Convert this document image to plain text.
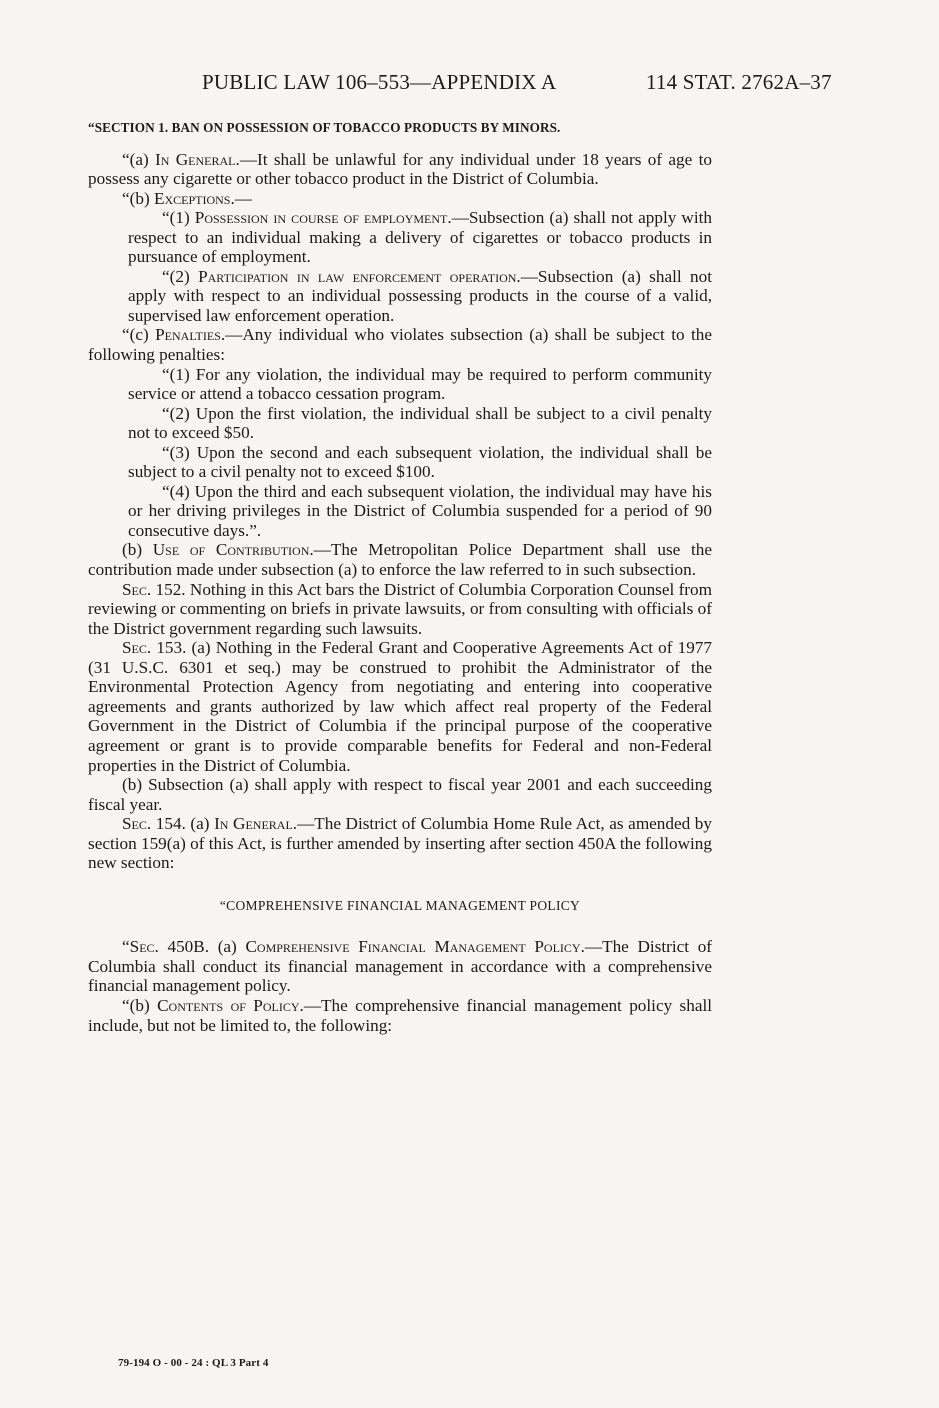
PUBLIC LAW 106–553—APPENDIX A	114 STAT. 2762A–37

“SECTION 1. BAN ON POSSESSION OF TOBACCO PRODUCTS BY MINORS.

“(a) In General.—It shall be unlawful for any individual under 18 years of age to possess any cigarette or other tobacco product in the District of Columbia.

“(b) Exceptions.—

“(1) Possession in course of employment.—Subsection (a) shall not apply with respect to an individual making a delivery of cigarettes or tobacco products in pursuance of employment.

“(2) Participation in law enforcement operation.—Subsection (a) shall not apply with respect to an individual possessing products in the course of a valid, supervised law enforcement operation.

“(c) Penalties.—Any individual who violates subsection (a) shall be subject to the following penalties:

“(1) For any violation, the individual may be required to perform community service or attend a tobacco cessation program.

“(2) Upon the first violation, the individual shall be subject to a civil penalty not to exceed $50.

“(3) Upon the second and each subsequent violation, the individual shall be subject to a civil penalty not to exceed $100.

“(4) Upon the third and each subsequent violation, the individual may have his or her driving privileges in the District of Columbia suspended for a period of 90 consecutive days.”.

(b) Use of Contribution.—The Metropolitan Police Department shall use the contribution made under subsection (a) to enforce the law referred to in such subsection.

Sec. 152. Nothing in this Act bars the District of Columbia Corporation Counsel from reviewing or commenting on briefs in private lawsuits, or from consulting with officials of the District government regarding such lawsuits.

Sec. 153. (a) Nothing in the Federal Grant and Cooperative Agreements Act of 1977 (31 U.S.C. 6301 et seq.) may be construed to prohibit the Administrator of the Environmental Protection Agency from negotiating and entering into cooperative agreements and grants authorized by law which affect real property of the Federal Government in the District of Columbia if the principal purpose of the cooperative agreement or grant is to provide comparable benefits for Federal and non-Federal properties in the District of Columbia.

(b) Subsection (a) shall apply with respect to fiscal year 2001 and each succeeding fiscal year.

Sec. 154. (a) In General.—The District of Columbia Home Rule Act, as amended by section 159(a) of this Act, is further amended by inserting after section 450A the following new section:

“COMPREHENSIVE FINANCIAL MANAGEMENT POLICY

“Sec. 450B. (a) Comprehensive Financial Management Policy.—The District of Columbia shall conduct its financial management in accordance with a comprehensive financial management policy.

“(b) Contents of Policy.—The comprehensive financial management policy shall include, but not be limited to, the following:

79-194 O - 00 - 24 : QL 3 Part 4
